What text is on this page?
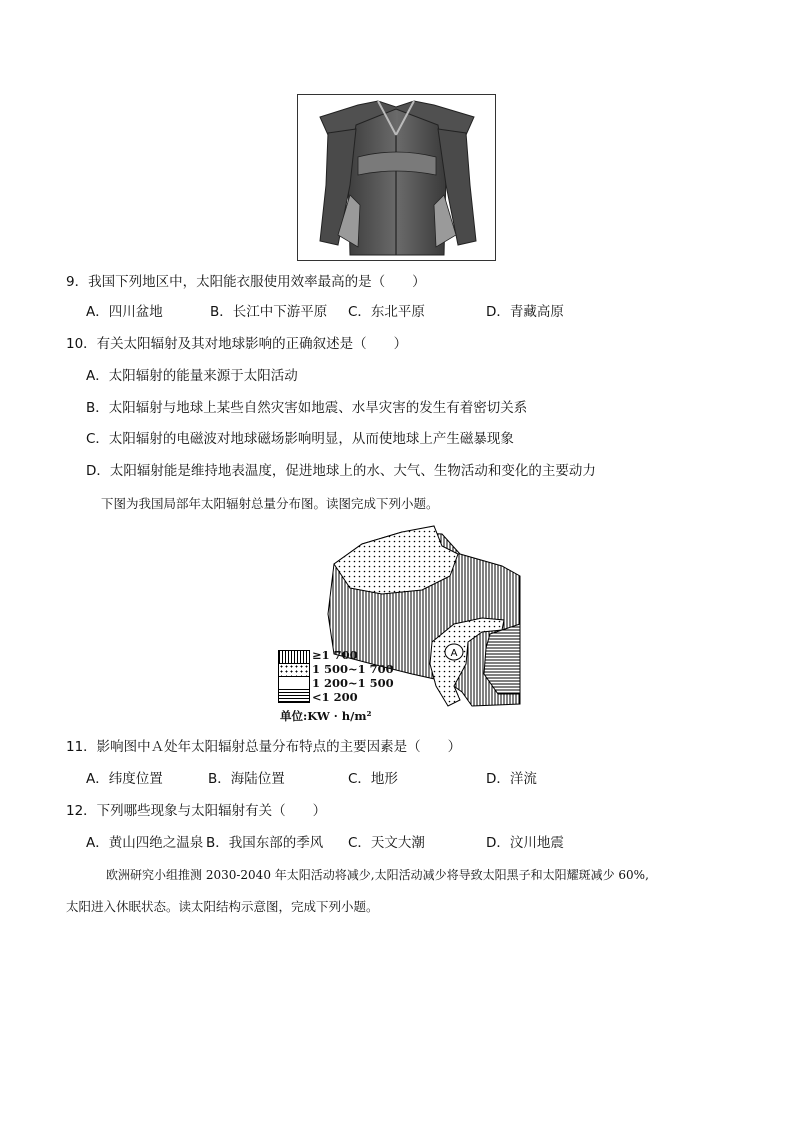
9．我国下列地区中，太阳能衣服使用效率最高的是（　　）
A．四川盆地	B．长江中下游平原 C．东北平原	D．青藏高原
10．有关太阳辐射及其对地球影响的正确叙述是（　　）
A．太阳辐射的能量来源于太阳活动
B．太阳辐射与地球上某些自然灾害如地震、水旱灾害的发生有着密切关系
C．太阳辐射的电磁波对地球磁场影响明显，从而使地球上产生磁暴现象
D．太阳辐射能是维持地表温度，促进地球上的水、大气、生物活动和变化的主要动力
下图为我国局部年太阳辐射总量分布图。读图完成下列小题。
A
≥1 700
1 500~1 700
1 200~1 500
<1 200
单位:KW · h/m²
11．影响图中Ａ处年太阳辐射总量分布特点的主要因素是（　　）
A．纬度位置	B．海陆位置	C．地形	D．洋流
12．下列哪些现象与太阳辐射有关（　　）
A．黄山四绝之温泉 B．我国东部的季风 C．天文大潮	D．汶川地震
欧洲研究小组推测 2030-2040 年太阳活动将减少,太阳活动减少将导致太阳黑子和太阳耀斑减少 60%,
太阳进入休眠状态。读太阳结构示意图，完成下列小题。
